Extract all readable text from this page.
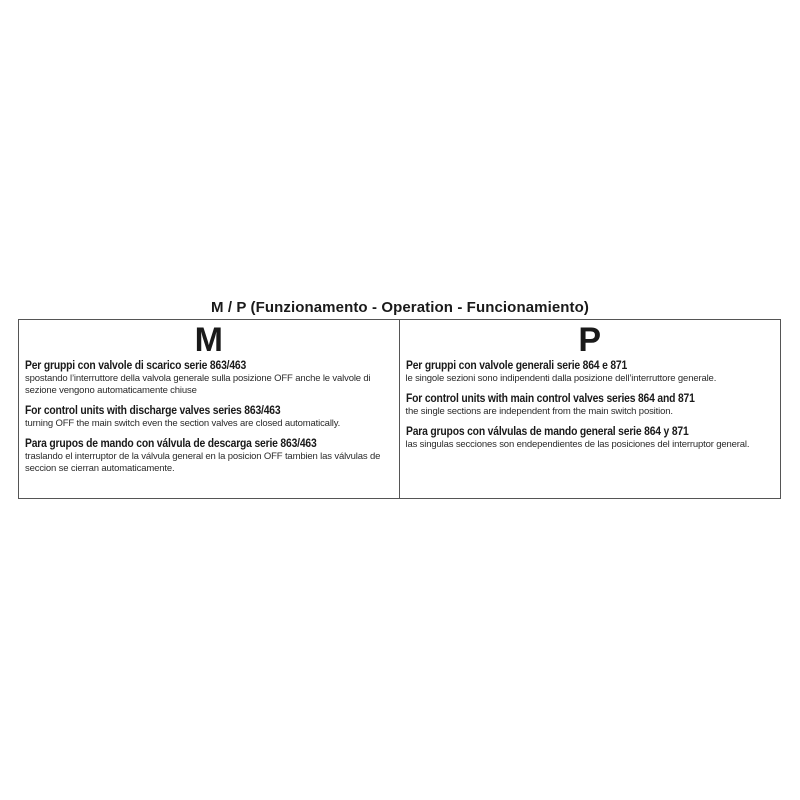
M / P (Funzionamento - Operation - Funcionamiento)
M
Per gruppi con valvole di scarico serie 863/463
spostando l’interruttore della valvola generale sulla posizione OFF anche le valvole di sezione vengono automaticamente chiuse
For control units with discharge valves series 863/463
turning OFF the main switch even the section valves are closed automatically.
Para grupos de mando con válvula de descarga serie 863/463
traslando el interruptor de la válvula general en la posicion OFF tambien las válvulas de seccion se cierran automaticamente.
P
Per gruppi con valvole generali serie 864 e 871
le singole sezioni sono indipendenti dalla posizione dell’interruttore generale.
For control units with main control valves series 864 and 871
the single sections are independent from the main switch position.
Para grupos con válvulas de mando general serie 864 y 871
las singulas secciones son endependientes de las posiciones del interruptor general.
